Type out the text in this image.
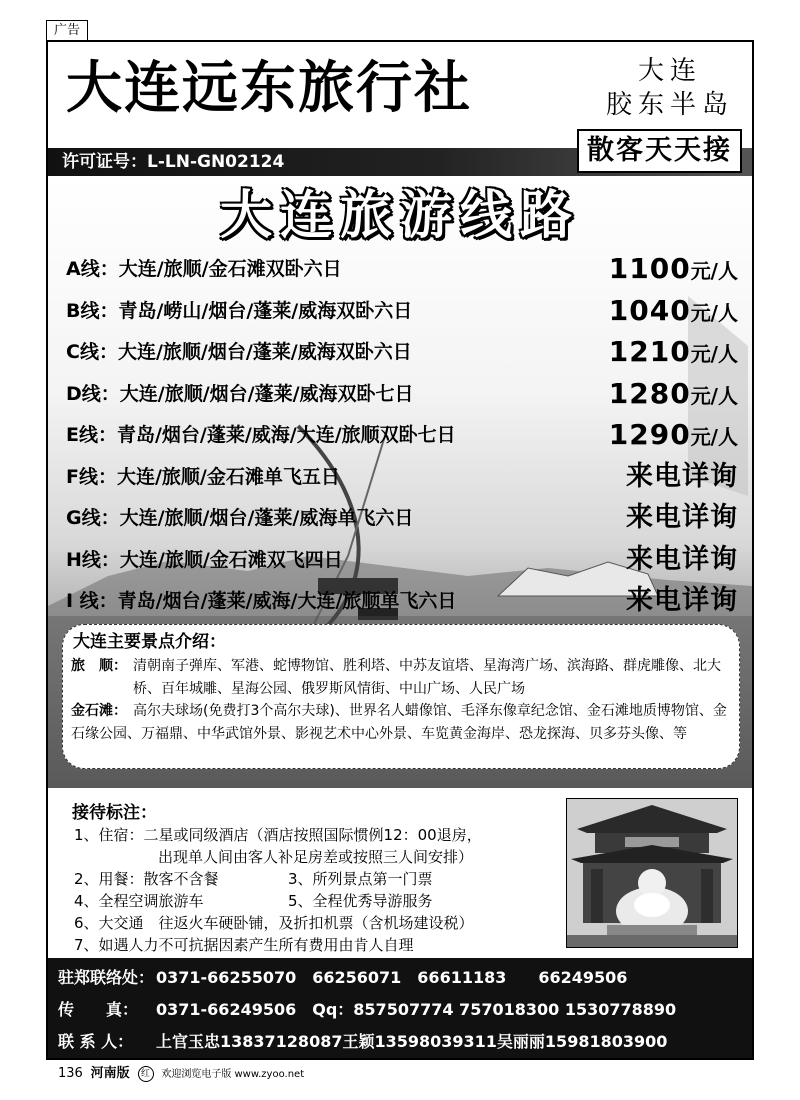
广告
大连远东旅行社	大连
胶东半岛
许可证号：L-LN-GN02124	散客天天接
大连旅游线路
A线：大连/旅顺/金石滩双卧六日	1100元/人
B线：青岛/崂山/烟台/蓬莱/威海双卧六日	1040元/人
C线：大连/旅顺/烟台/蓬莱/威海双卧六日	1210元/人
D线：大连/旅顺/烟台/蓬莱/威海双卧七日	1280元/人
E线：青岛/烟台/蓬莱/威海/大连/旅顺双卧七日	1290元/人
F线：大连/旅顺/金石滩单飞五日	来电详询
G线：大连/旅顺/烟台/蓬莱/威海单飞六日	来电详询
H线：大连/旅顺/金石滩双飞四日	来电详询
I 线：青岛/烟台/蓬莱/威海/大连/旅顺单飞六日	来电详询
大连主要景点介绍：
旅　顺： 清朝南子弹库、军港、蛇博物馆、胜利塔、中苏友谊塔、星海湾广场、滨海路、群虎雕像、北大桥、百年城雕、星海公园、俄罗斯风情街、中山广场、人民广场
金石滩： 高尔夫球场(免费打3个高尔夫球)、世界名人蜡像馆、毛泽东像章纪念馆、金石滩地质博物馆、金石缘公园、万福鼎、中华武馆外景、影视艺术中心外景、车览黄金海岸、恐龙探海、贝多芬头像、等
接待标注：
1、住宿：二星或同级酒店（酒店按照国际惯例12：00退房，
出现单人间由客人补足房差或按照三人间安排）
2、用餐：散客不含餐	3、所列景点第一门票
4、全程空调旅游车	5、全程优秀导游服务
6、大交通　往返火车硬卧铺，及折扣机票（含机场建设税）
7、如遇人力不可抗据因素产生所有费用由肯人自理
驻郑联络处： 0371-66255070　66256071　66611183　　66249506
传　　真： 0371-66249506　Qq：857507774 757018300 1530778890
联 系 人： 上官玉忠13837128087王颖13598039311吴丽丽15981803900
136 河南版 红 欢迎浏览电子版 www.zyoo.net
